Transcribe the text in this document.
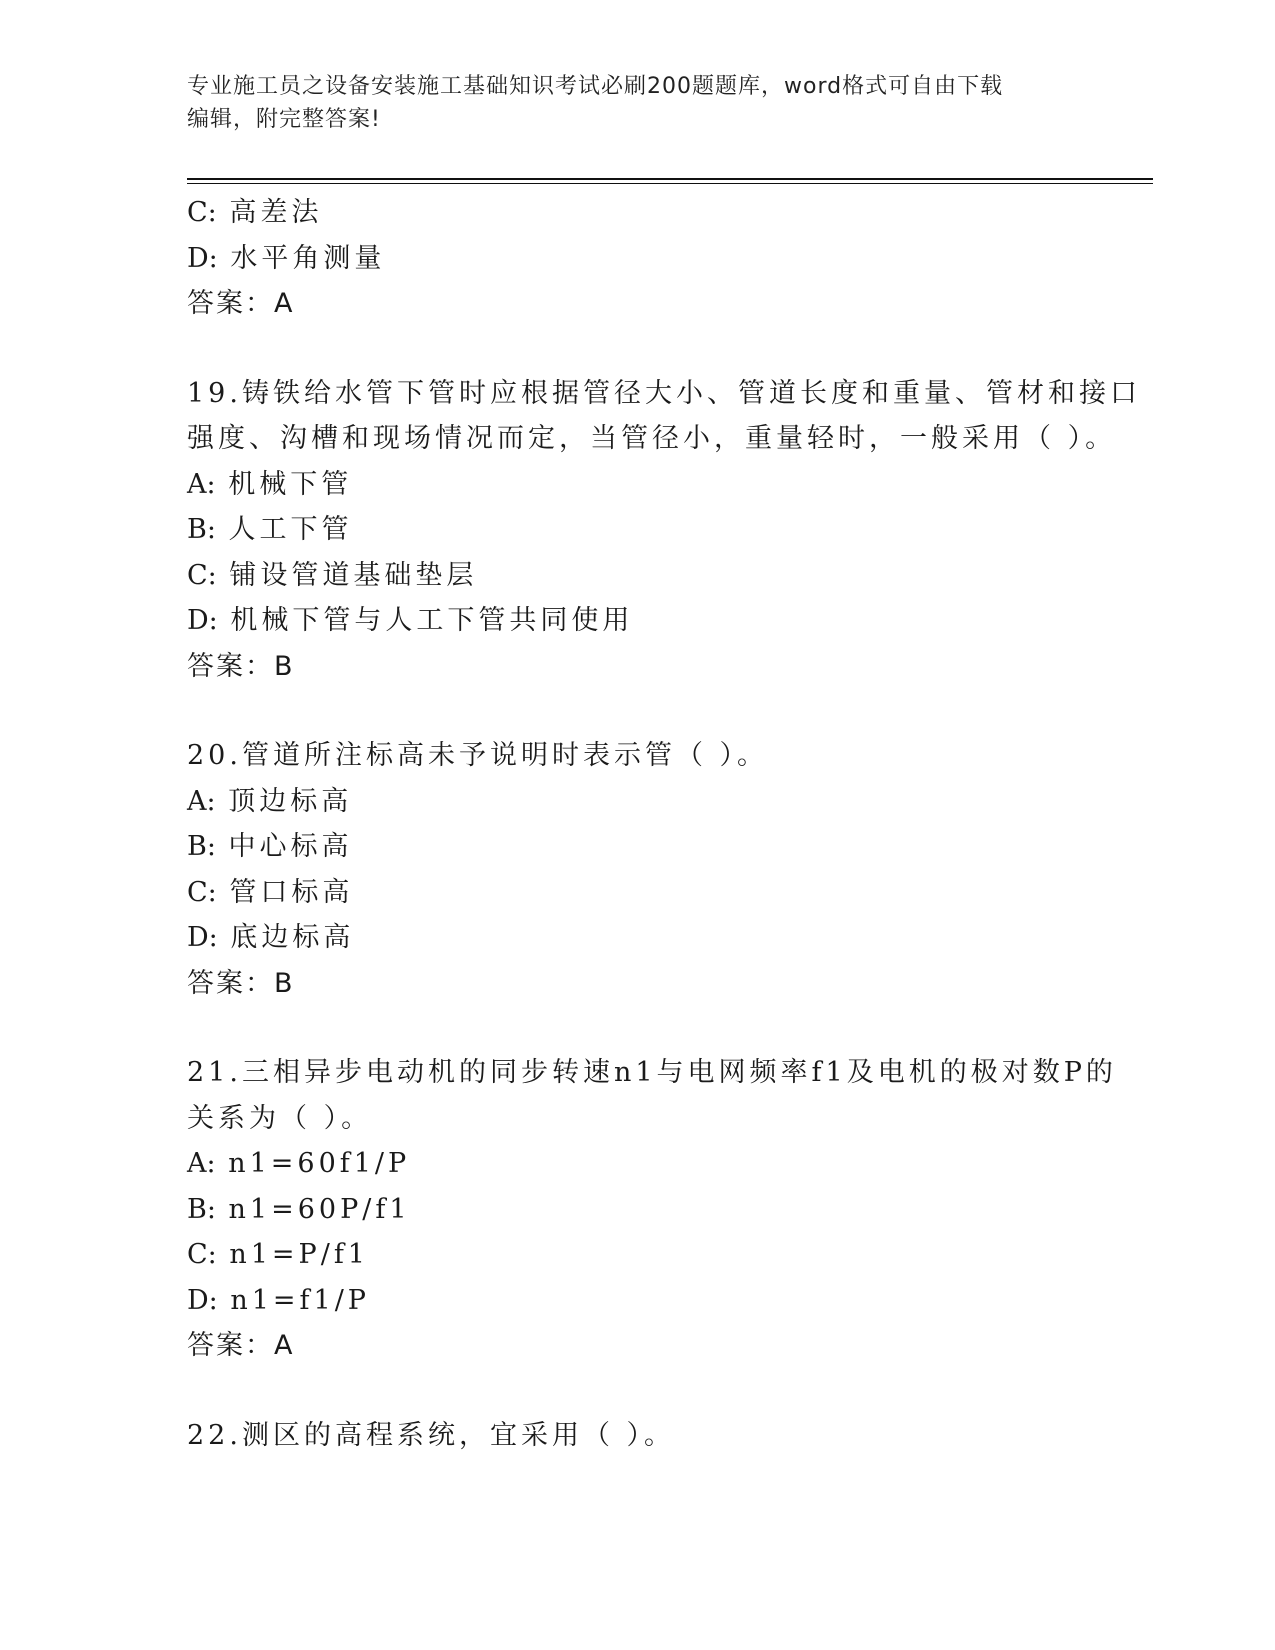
专业施工员之设备安装施工基础知识考试必刷200题题库，word格式可自由下载
编辑，附完整答案!
C: 高差法
D: 水平角测量
答案：A
19.铸铁给水管下管时应根据管径大小、管道长度和重量、管材和接口
强度、沟槽和现场情况而定，当管径小，重量轻时，一般采用（ ）。
A: 机械下管
B: 人工下管
C: 铺设管道基础垫层
D: 机械下管与人工下管共同使用
答案：B
20.管道所注标高未予说明时表示管（ ）。
A: 顶边标高
B: 中心标高
C: 管口标高
D: 底边标高
答案：B
21.三相异步电动机的同步转速n1与电网频率f1及电机的极对数P的
关系为（ ）。
A: n1=60f1/P
B: n1=60P/f1
C: n1=P/f1
D: n1=f1/P
答案：A
22.测区的高程系统，宜采用（ ）。
